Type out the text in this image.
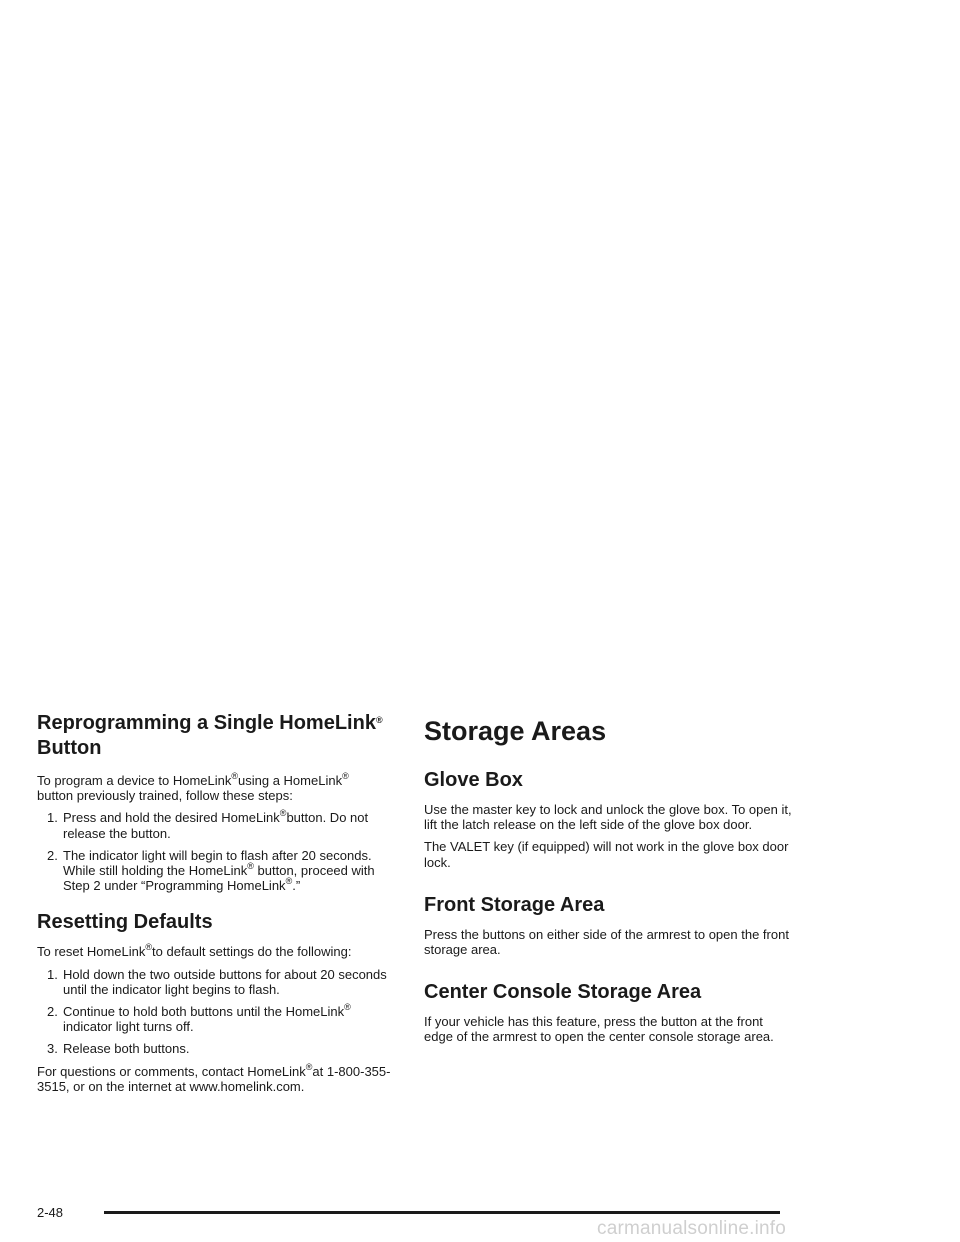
Reprogramming a Single HomeLink®
Button

To program a device to HomeLink®using a HomeLink®
button previously trained, follow these steps:

1. Press and hold the desired HomeLink®button. Do not release the button.
2. The indicator light will begin to flash after 20 seconds. While still holding the HomeLink® button, proceed with Step 2 under “Programming HomeLink®.”
Resetting Defaults

To reset HomeLink®to default settings do the following:

1. Hold down the two outside buttons for about 20 seconds until the indicator light begins to flash.
2. Continue to hold both buttons until the HomeLink®
indicator light turns off.
3. Release both buttons.

For questions or comments, contact HomeLink®at 1-800-355-3515, or on the internet at www.homelink.com.

Storage Areas
Glove Box

Use the master key to lock and unlock the glove box. To open it, lift the latch release on the left side of the glove box door.

The VALET key (if equipped) will not work in the glove box door lock.

Front Storage Area

Press the buttons on either side of the armrest to open the front storage area.

Center Console Storage Area

If your vehicle has this feature, press the button at the front edge of the armrest to open the center console storage area.

2-48
carmanualsonline.info
